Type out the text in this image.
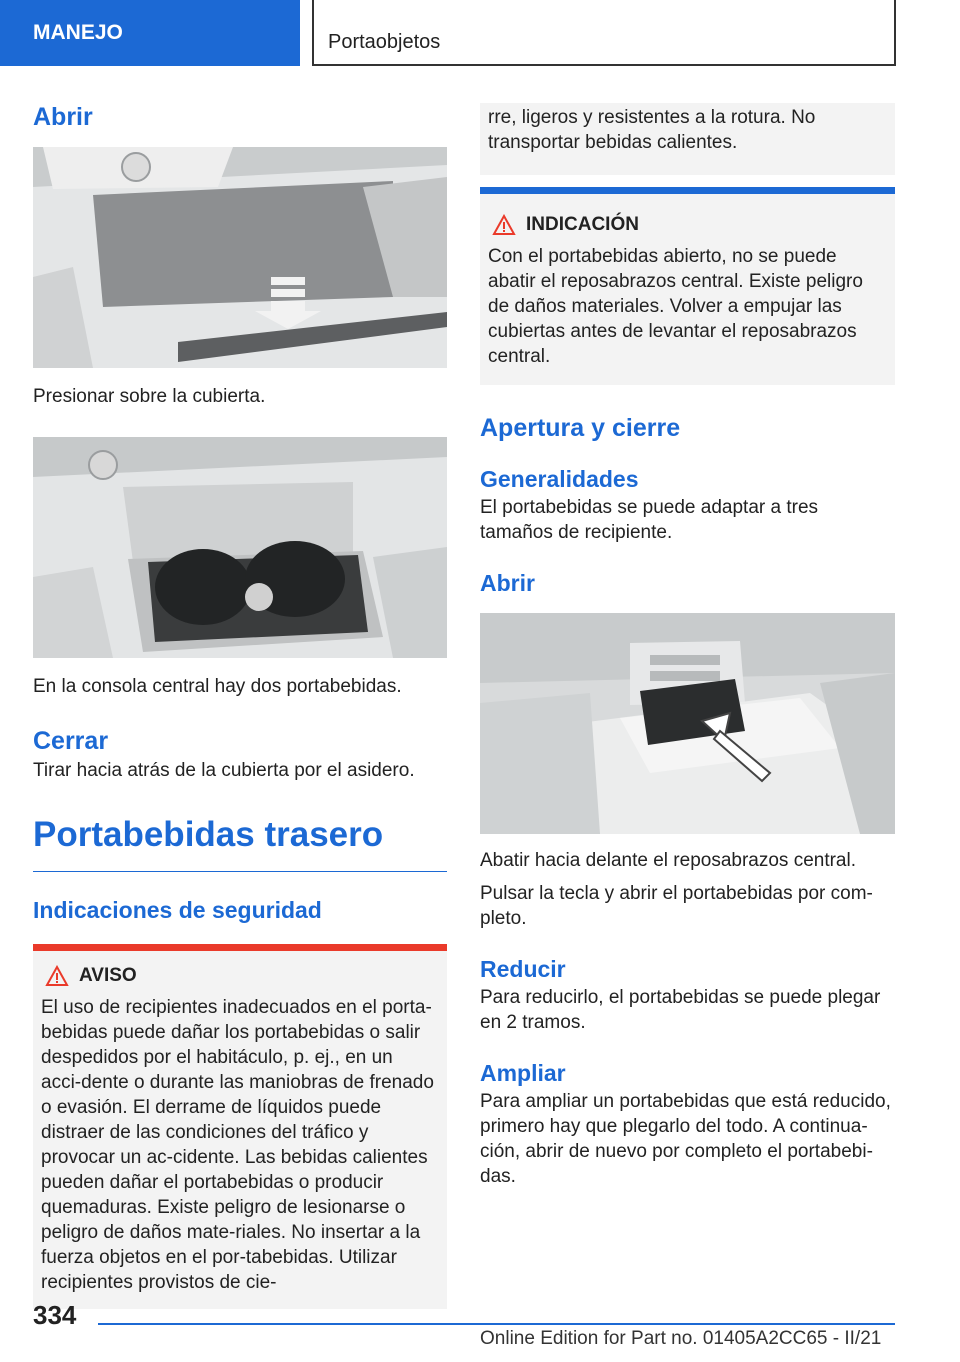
MANEJO	Portaobjetos
Abrir

Presionar sobre la cubierta.

En la consola central hay dos portabebidas.

Cerrar

Tirar hacia atrás de la cubierta por el asidero.

Portabebidas trasero
Indicaciones de seguridad
AVISO

El uso de recipientes inadecuados en el porta‐bebidas puede dañar los portabebidas o salir despedidos por el habitáculo, p. ej., en un acci‐dente o durante las maniobras de frenado o evasión. El derrame de líquidos puede distraer de las condiciones del tráfico y provocar un ac‐cidente. Las bebidas calientes pueden dañar el portabebidas o producir quemaduras. Existe peligro de lesionarse o peligro de daños mate‐riales. No insertar a la fuerza objetos en el por‐tabebidas. Utilizar recipientes provistos de cie‐

rre, ligeros y resistentes a la rotura. No transportar bebidas calientes.

INDICACIÓN

Con el portabebidas abierto, no se puede abatir el reposabrazos central. Existe peligro de daños materiales. Volver a empujar las cubiertas antes de levantar el reposabrazos central.

Apertura y cierre
Generalidades

El portabebidas se puede adaptar a tres tamaños de recipiente.

Abrir

Abatir hacia delante el reposabrazos central.

Pulsar la tecla y abrir el portabebidas por com‐pleto.

Reducir

Para reducirlo, el portabebidas se puede plegar en 2 tramos.

Ampliar

Para ampliar un portabebidas que está reducido, primero hay que plegarlo del todo. A continua‐ción, abrir de nuevo por completo el portabebi‐das.

334
Online Edition for Part no. 01405A2CC65 - II/21
